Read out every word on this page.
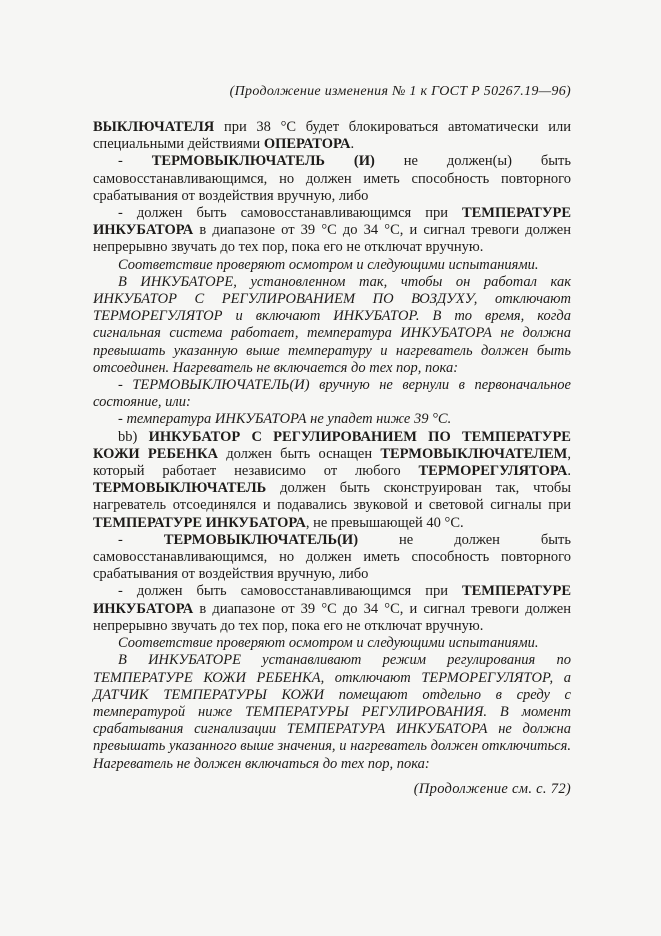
(Продолжение изменения № 1 к ГОСТ Р 50267.19—96)

ВЫКЛЮЧАТЕЛЯ при 38 °С будет блокироваться автоматически или специальными действиями ОПЕРАТОРА.

- ТЕРМОВЫКЛЮЧАТЕЛЬ (И) не должен(ы) быть самовосстанавливающимся, но должен иметь способность повторного срабатывания от воздействия вручную, либо

- должен быть самовосстанавливающимся при ТЕМПЕРАТУРЕ ИНКУБАТОРА в диапазоне от 39 °С до 34 °С, и сигнал тревоги должен непрерывно звучать до тех пор, пока его не отключат вручную.

Соответствие проверяют осмотром и следующими испытаниями.

В ИНКУБАТОРЕ, установленном так, чтобы он работал как ИНКУБАТОР С РЕГУЛИРОВАНИЕМ ПО ВОЗДУХУ, отключают ТЕРМОРЕГУЛЯТОР и включают ИНКУБАТОР. В то время, когда сигнальная система работает, температура ИНКУБАТОРА не должна превышать указанную выше температуру и нагреватель должен быть отсоединен. Нагреватель не включается до тех пор, пока:

- ТЕРМОВЫКЛЮЧАТЕЛЬ(И) вручную не вернули в первоначальное состояние, или:

- температура ИНКУБАТОРА не упадет ниже 39 °С.

bb) ИНКУБАТОР С РЕГУЛИРОВАНИЕМ ПО ТЕМПЕРАТУРЕ КОЖИ РЕБЕНКА должен быть оснащен ТЕРМОВЫКЛЮЧАТЕЛЕМ, который работает независимо от любого ТЕРМОРЕГУЛЯТОРА. ТЕРМОВЫКЛЮЧАТЕЛЬ должен быть сконструирован так, чтобы нагреватель отсоединялся и подавались звуковой и световой сигналы при ТЕМПЕРАТУРЕ ИНКУБАТОРА, не превышающей 40 °С.

- ТЕРМОВЫКЛЮЧАТЕЛЬ(И) не должен быть самовосстанавливающимся, но должен иметь способность повторного срабатывания от воздействия вручную, либо

- должен быть самовосстанавливающимся при ТЕМПЕРАТУРЕ ИНКУБАТОРА в диапазоне от 39 °С до 34 °С, и сигнал тревоги должен непрерывно звучать до тех пор, пока его не отключат вручную.

Соответствие проверяют осмотром и следующими испытаниями.

В ИНКУБАТОРЕ устанавливают режим регулирования по ТЕМПЕРАТУРЕ КОЖИ РЕБЕНКА, отключают ТЕРМОРЕГУЛЯТОР, а ДАТЧИК ТЕМПЕРАТУРЫ КОЖИ помещают отдельно в среду с температурой ниже ТЕМПЕРАТУРЫ РЕГУЛИРОВАНИЯ. В момент срабатывания сигнализации ТЕМПЕРАТУРА ИНКУБАТОРА не должна превышать указанного выше значения, и нагреватель должен отключиться. Нагреватель не должен включаться до тех пор, пока:

(Продолжение см. с. 72)
